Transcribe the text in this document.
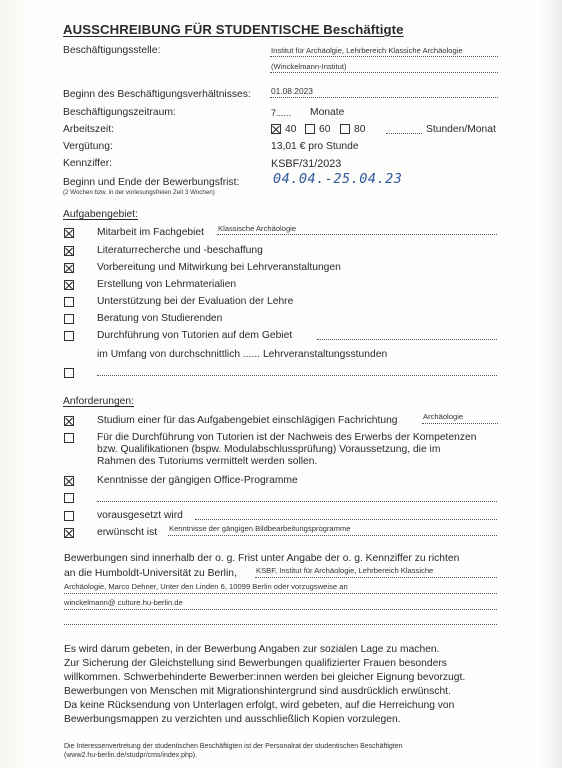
AUSSCHREIBUNG FÜR STUDENTISCHE Beschäftigte
Beschäftigungsstelle:	Institut für Archäolgie, Lehrbereich Klassiche Archäologie
(Winckelmann-Institut)
Beginn des Beschäftigungsverhältnisses: 01.08.2023
Beschäftigungszeitraum:	7...... Monate
Arbeitszeit:	40 60 80	Stunden/Monat
Vergütung:	13,01 € pro Stunde
Kennziffer:	KSBF/31/2023
Beginn und Ende der Bewerbungsfrist:
(2 Wochen bzw. in der vorlesungsfreien Zeit 3 Wochen)
04.04.-25.04.23
Aufgabengebiet:
Mitarbeit im Fachgebiet Klassische Archäologie
Literaturrecherche und -beschaffung
Vorbereitung und Mitwirkung bei Lehrveranstaltungen
Erstellung von Lehrmaterialien
Unterstützung bei der Evaluation der Lehre
Beratung von Studierenden
Durchführung von Tutorien auf dem Gebiet
im Umfang von durchschnittlich ...... Lehrveranstaltungsstunden
Anforderungen:
Studium einer für das Aufgabengebiet einschlägigen Fachrichtung	Archäologie
Für die Durchführung von Tutorien ist der Nachweis des Erwerbs der Kompetenzen
bzw. Qualifikationen (bspw. Modulabschlussprüfung) Voraussetzung, die im
Rahmen des Tutoriums vermittelt werden sollen.
Kenntnisse der gängigen Office-Programme
vorausgesetzt wird
erwünscht ist Kenntnisse der gängigen Bildbearbeitungsprogramme
Bewerbungen sind innerhalb der o. g. Frist unter Angabe der o. g. Kennziffer zu richten
an die Humboldt-Universität zu Berlin,	KSBF, Institut für Archäologie, Lehrbereich Klassiche
Archäologie, Marco Dehner, Unter den Linden 6, 10099 Berlin oder vorzugsweise an
winckelmann@ culture.hu-berlin.de
Es wird darum gebeten, in der Bewerbung Angaben zur sozialen Lage zu machen.
Zur Sicherung der Gleichstellung sind Bewerbungen qualifizierter Frauen besonders
willkommen. Schwerbehinderte Bewerber:innen werden bei gleicher Eignung bevorzugt.
Bewerbungen von Menschen mit Migrationshintergrund sind ausdrücklich erwünscht.
Da keine Rücksendung von Unterlagen erfolgt, wird gebeten, auf die Herreichung von
Bewerbungsmappen zu verzichten und ausschließlich Kopien vorzulegen.
Die Interessenvertretung der studentischen Beschäftigten ist der Personalrat der studentischen Beschäftigten
(www2.hu-berlin.de/studpr/cms/index.php).
